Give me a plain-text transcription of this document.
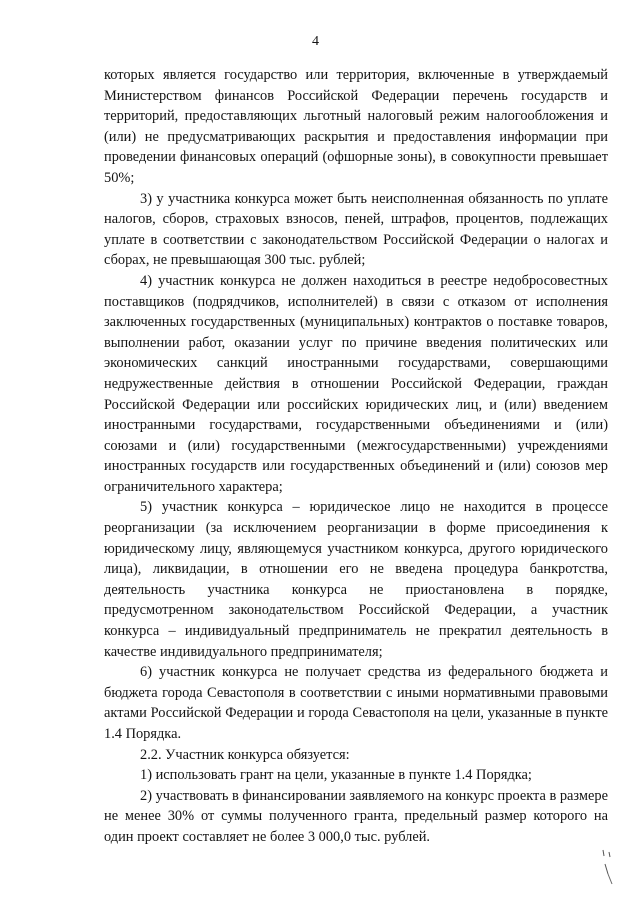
4

которых является государство или территория, включенные в утверждаемый Министерством финансов Российской Федерации перечень государств и территорий, предоставляющих льготный налоговый режим налогообложения и (или) не предусматривающих раскрытия и предоставления информации при проведении финансовых операций (офшорные зоны), в совокупности превышает 50%;

3) у участника конкурса может быть неисполненная обязанность по уплате налогов, сборов, страховых взносов, пеней, штрафов, процентов, подлежащих уплате в соответствии с законодательством Российской Федерации о налогах и сборах, не превышающая 300 тыс. рублей;

4) участник конкурса не должен находиться в реестре недобросовестных поставщиков (подрядчиков, исполнителей) в связи с отказом от исполнения заключенных государственных (муниципальных) контрактов о поставке товаров, выполнении работ, оказании услуг по причине введения политических или экономических санкций иностранными государствами, совершающими недружественные действия в отношении Российской Федерации, граждан Российской Федерации или российских юридических лиц, и (или) введением иностранными государствами, государственными объединениями и (или) союзами и (или) государственными (межгосударственными) учреждениями иностранных государств или государственных объединений и (или) союзов мер ограничительного характера;

5) участник конкурса – юридическое лицо не находится в процессе реорганизации (за исключением реорганизации в форме присоединения к юридическому лицу, являющемуся участником конкурса, другого юридического лица), ликвидации, в отношении его не введена процедура банкротства, деятельность участника конкурса не приостановлена в порядке, предусмотренном законодательством Российской Федерации, а участник конкурса – индивидуальный предприниматель не прекратил деятельность в качестве индивидуального предпринимателя;

6) участник конкурса не получает средства из федерального бюджета и бюджета города Севастополя в соответствии с иными нормативными правовыми актами Российской Федерации и города Севастополя на цели, указанные в пункте 1.4 Порядка.

2.2. Участник конкурса обязуется:

1) использовать грант на цели, указанные в пункте 1.4 Порядка;

2) участвовать в финансировании заявляемого на конкурс проекта в размере не менее 30% от суммы полученного гранта, предельный размер которого на один проект составляет не более 3 000,0 тыс. рублей.
